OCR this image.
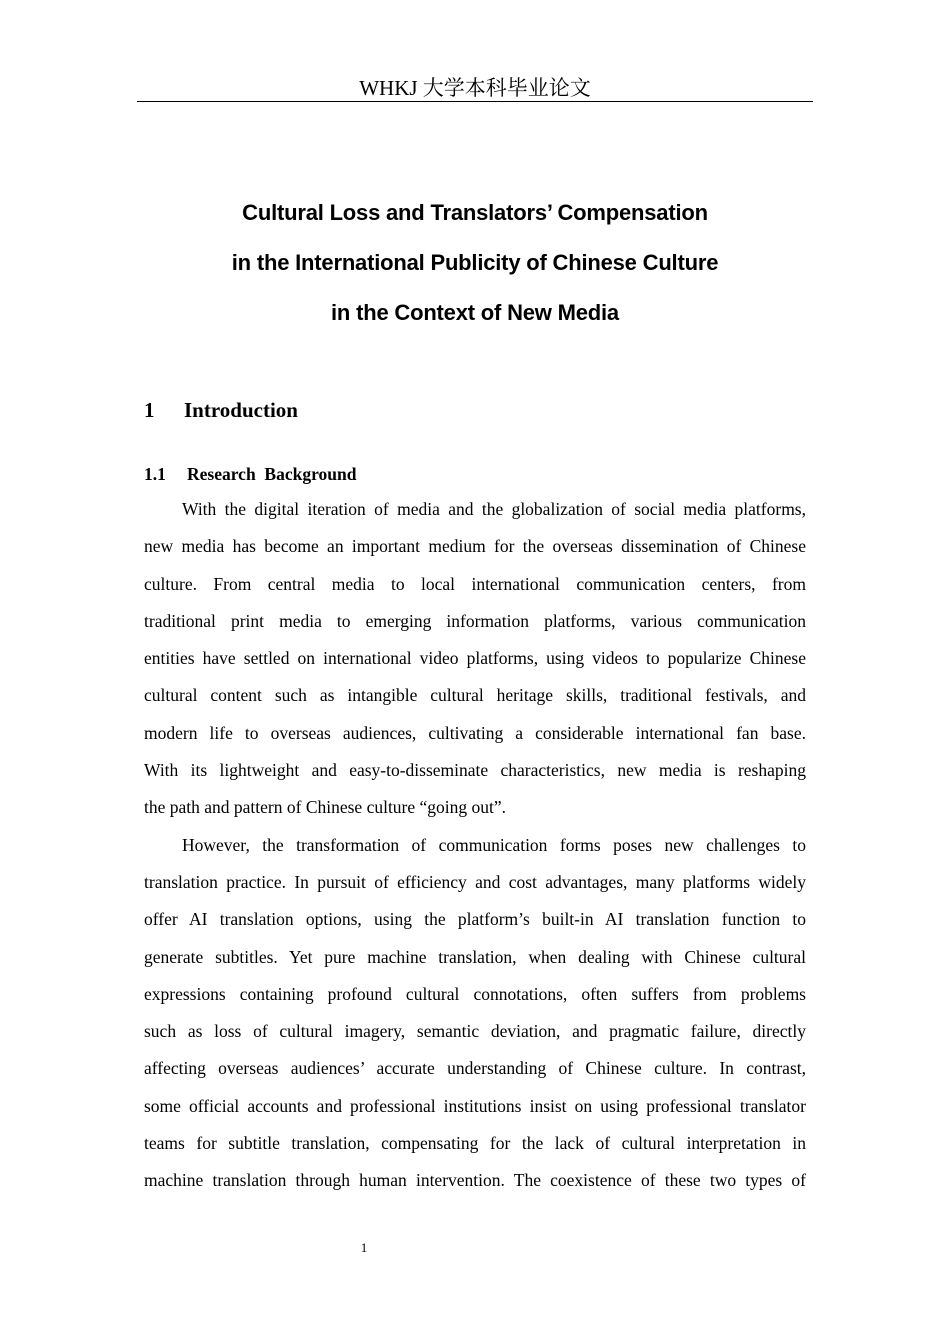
WHKJ 大学本科毕业论文
Cultural Loss and Translators’ Compensation
in the International Publicity of Chinese Culture
in the Context of New Media
1 Introduction
1.1 Research  Background
With the digital iteration of media and the globalization of social media platforms,
new media has become an important medium for the overseas dissemination of Chinese
culture. From central media to local international communication centers, from
traditional print media to emerging information platforms, various communication
entities have settled on international video platforms, using videos to popularize Chinese
cultural content such as intangible cultural heritage skills, traditional festivals, and
modern life to overseas audiences, cultivating a considerable international fan base.
With its lightweight and easy-to-disseminate characteristics, new media is reshaping
the path and pattern of Chinese culture “going out”.
However, the transformation of communication forms poses new challenges to
translation practice. In pursuit of efficiency and cost advantages, many platforms widely
offer AI translation options, using the platform’s built-in AI translation function to
generate subtitles. Yet pure machine translation, when dealing with Chinese cultural
expressions containing profound cultural connotations, often suffers from problems
such as loss of cultural imagery, semantic deviation, and pragmatic failure, directly
affecting overseas audiences’ accurate understanding of Chinese culture. In contrast,
some official accounts and professional institutions insist on using professional translator
teams for subtitle translation, compensating for the lack of cultural interpretation in
machine translation through human intervention. The coexistence of these two types of
1
